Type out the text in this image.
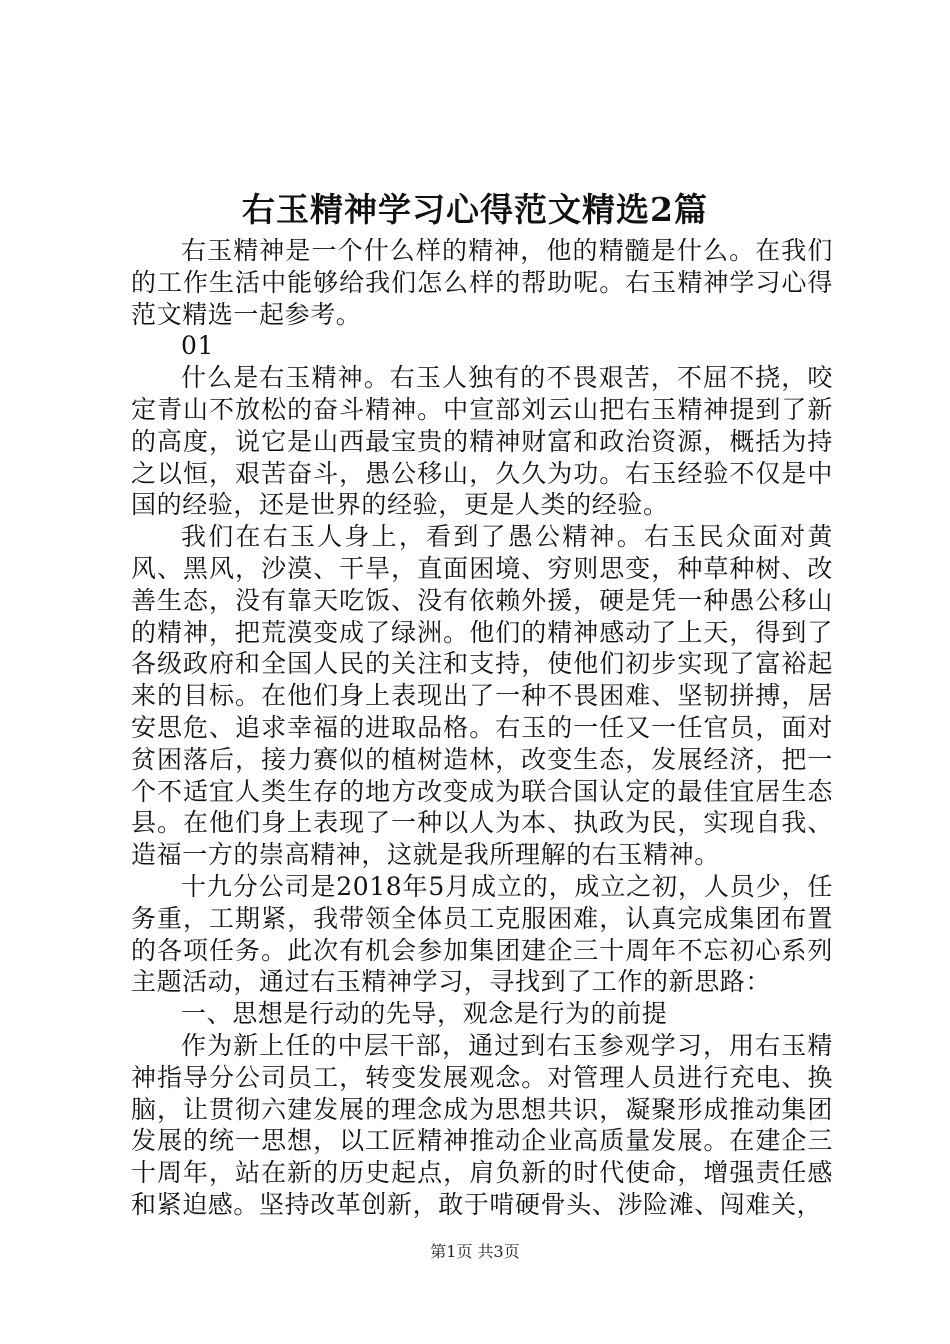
右玉精神学习心得范文精选2篇

右玉精神是一个什么样的精神，他的精髓是什么。在我们的工作生活中能够给我们怎么样的帮助呢。右玉精神学习心得范文精选一起参考。

01

什么是右玉精神。右玉人独有的不畏艰苦，不屈不挠，咬定青山不放松的奋斗精神。中宣部刘云山把右玉精神提到了新的高度，说它是山西最宝贵的精神财富和政治资源，概括为持之以恒，艰苦奋斗，愚公移山，久久为功。右玉经验不仅是中国的经验，还是世界的经验，更是人类的经验。

我们在右玉人身上，看到了愚公精神。右玉民众面对黄风、黑风，沙漠、干旱，直面困境、穷则思变，种草种树、改善生态，没有靠天吃饭、没有依赖外援，硬是凭一种愚公移山的精神，把荒漠变成了绿洲。他们的精神感动了上天，得到了各级政府和全国人民的关注和支持，使他们初步实现了富裕起来的目标。在他们身上表现出了一种不畏困难、坚韧拼搏，居安思危、追求幸福的进取品格。右玉的一任又一任官员，面对贫困落后，接力赛似的植树造林，改变生态，发展经济，把一个不适宜人类生存的地方改变成为联合国认定的最佳宜居生态县。在他们身上表现了一种以人为本、执政为民，实现自我、造福一方的崇高精神，这就是我所理解的右玉精神。

十九分公司是2018年5月成立的，成立之初，人员少，任务重，工期紧，我带领全体员工克服困难，认真完成集团布置的各项任务。此次有机会参加集团建企三十周年不忘初心系列主题活动，通过右玉精神学习，寻找到了工作的新思路：

一、思想是行动的先导，观念是行为的前提

作为新上任的中层干部，通过到右玉参观学习，用右玉精神指导分公司员工，转变发展观念。对管理人员进行充电、换脑，让贯彻六建发展的理念成为思想共识，凝聚形成推动集团发展的统一思想，以工匠精神推动企业高质量发展。在建企三十周年，站在新的历史起点，肩负新的时代使命，增强责任感和紧迫感。坚持改革创新，敢于啃硬骨头、涉险滩、闯难关，

第1页 共3页
